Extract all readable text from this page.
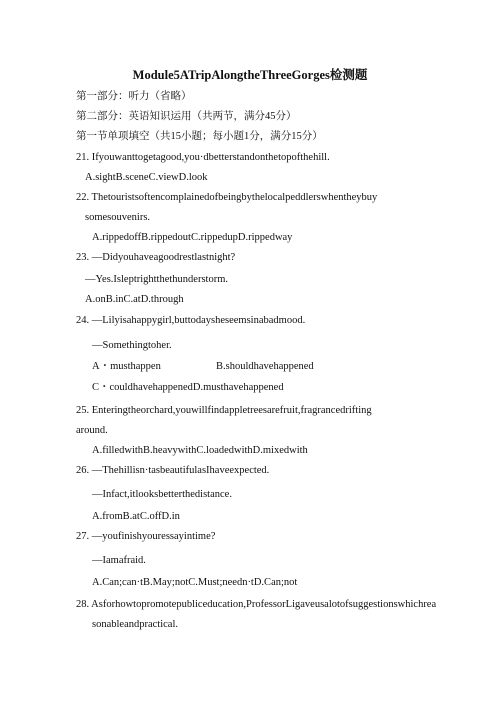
Module5ATripAlongtheThreeGorges检测题
第一部分：听力（省略）
第二部分：英语知识运用（共两节，满分45分）
第一节单项填空（共15小题；每小题1分，满分15分）
21. Ifyouwanttogetagood,you·dbetterstandonthetopofthehill.
A.sightB.sceneC.viewD.look
22. Thetouristsoftencomplainedofbeingbythelocalpeddlerswhentheybuy
somesouvenirs.
A.rippedoffB.rippedoutC.rippedupD.rippedway
23. —Didyouhaveagoodrestlastnight?
—Yes.Isleptrightthethunderstorm.
A.onB.inC.atD.through
24. —Lilyisahappygirl,buttodaysheseemsinabadmood.
—Somethingtoher.
A・musthappen	B.shouldhavehappened
C・couldhavehappenedD.musthavehappened
25. Enteringtheorchard,youwillfindappletreesarefruit,fragrancedrifting
around.
A.filledwithB.heavywithC.loadedwithD.mixedwith
26. —Thehillisn·tasbeautifulasIhaveexpected.
—Infact,itlooksbetterthedistance.
A.fromB.atC.offD.in
27. —youfinishyouressayintime?
—Iamafraid.
A.Can;can·tB.May;notC.Must;needn·tD.Can;not
28. Asforhowtopromotepubliceducation,ProfessorLigaveusalotofsuggestionswhichrea
sonableandpractical.
